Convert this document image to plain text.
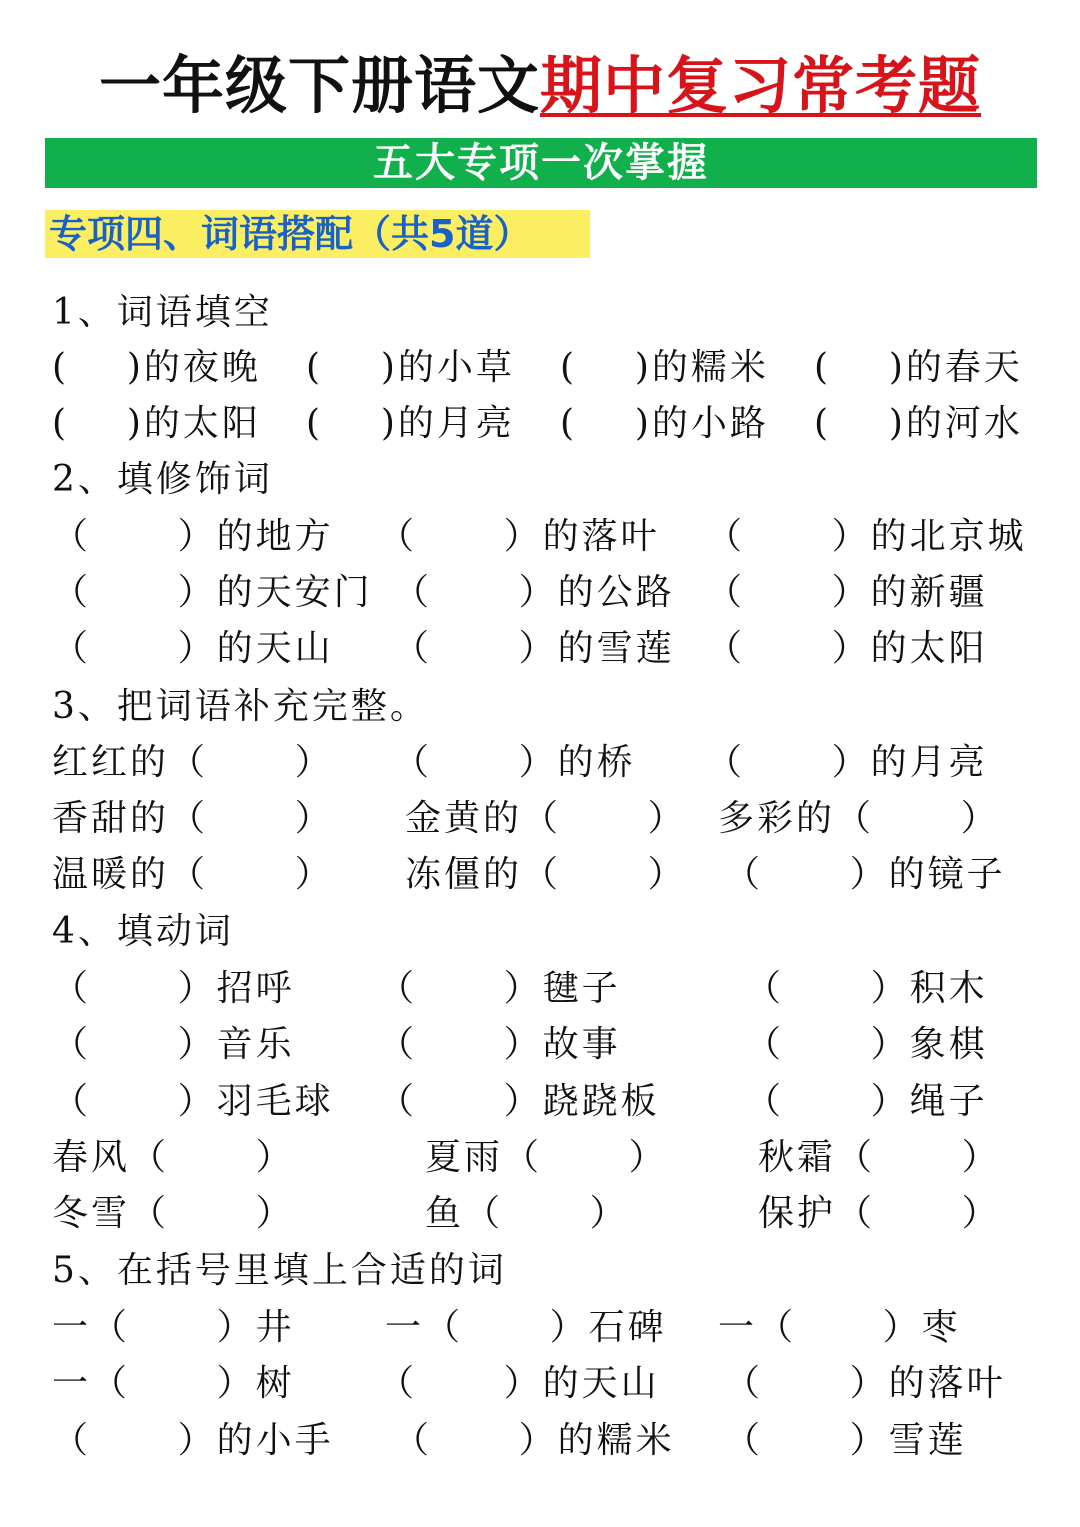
一年级下册语文期中复习常考题
五大专项一次掌握
专项四、词语搭配（共5道）
1、词语填空
(    )的夜晚 (    )的小草 (    )的糯米 (    )的春天
(    )的太阳 (    )的月亮 (    )的小路 (    )的河水
2、填修饰词
（      ）的地方 （      ）的落叶 （      ）的北京城
（      ）的天安门 （      ）的公路 （      ）的新疆
（      ）的天山 （      ）的雪莲 （      ）的太阳
3、把词语补充完整。
红红的（      ） （      ）的桥 （      ）的月亮
香甜的（      ） 金黄的（      ） 多彩的（      ）
温暖的（      ） 冻僵的（      ） （      ）的镜子
4、填动词
（      ）招呼 （      ）毽子	（      ）积木
（      ）音乐 （      ）故事	（      ）象棋
（      ）羽毛球 （      ）跷跷板 （      ）绳子
春风（      ）	夏雨（      ）	秋霜（      ）
冬雪（      ）	鱼（      ）	保护（      ）
5、在括号里填上合适的词
一（      ）井	一（      ）石碑 一（      ）枣
一（      ）树 （      ）的天山 （      ）的落叶
（      ）的小手 （      ）的糯米 （      ）雪莲
